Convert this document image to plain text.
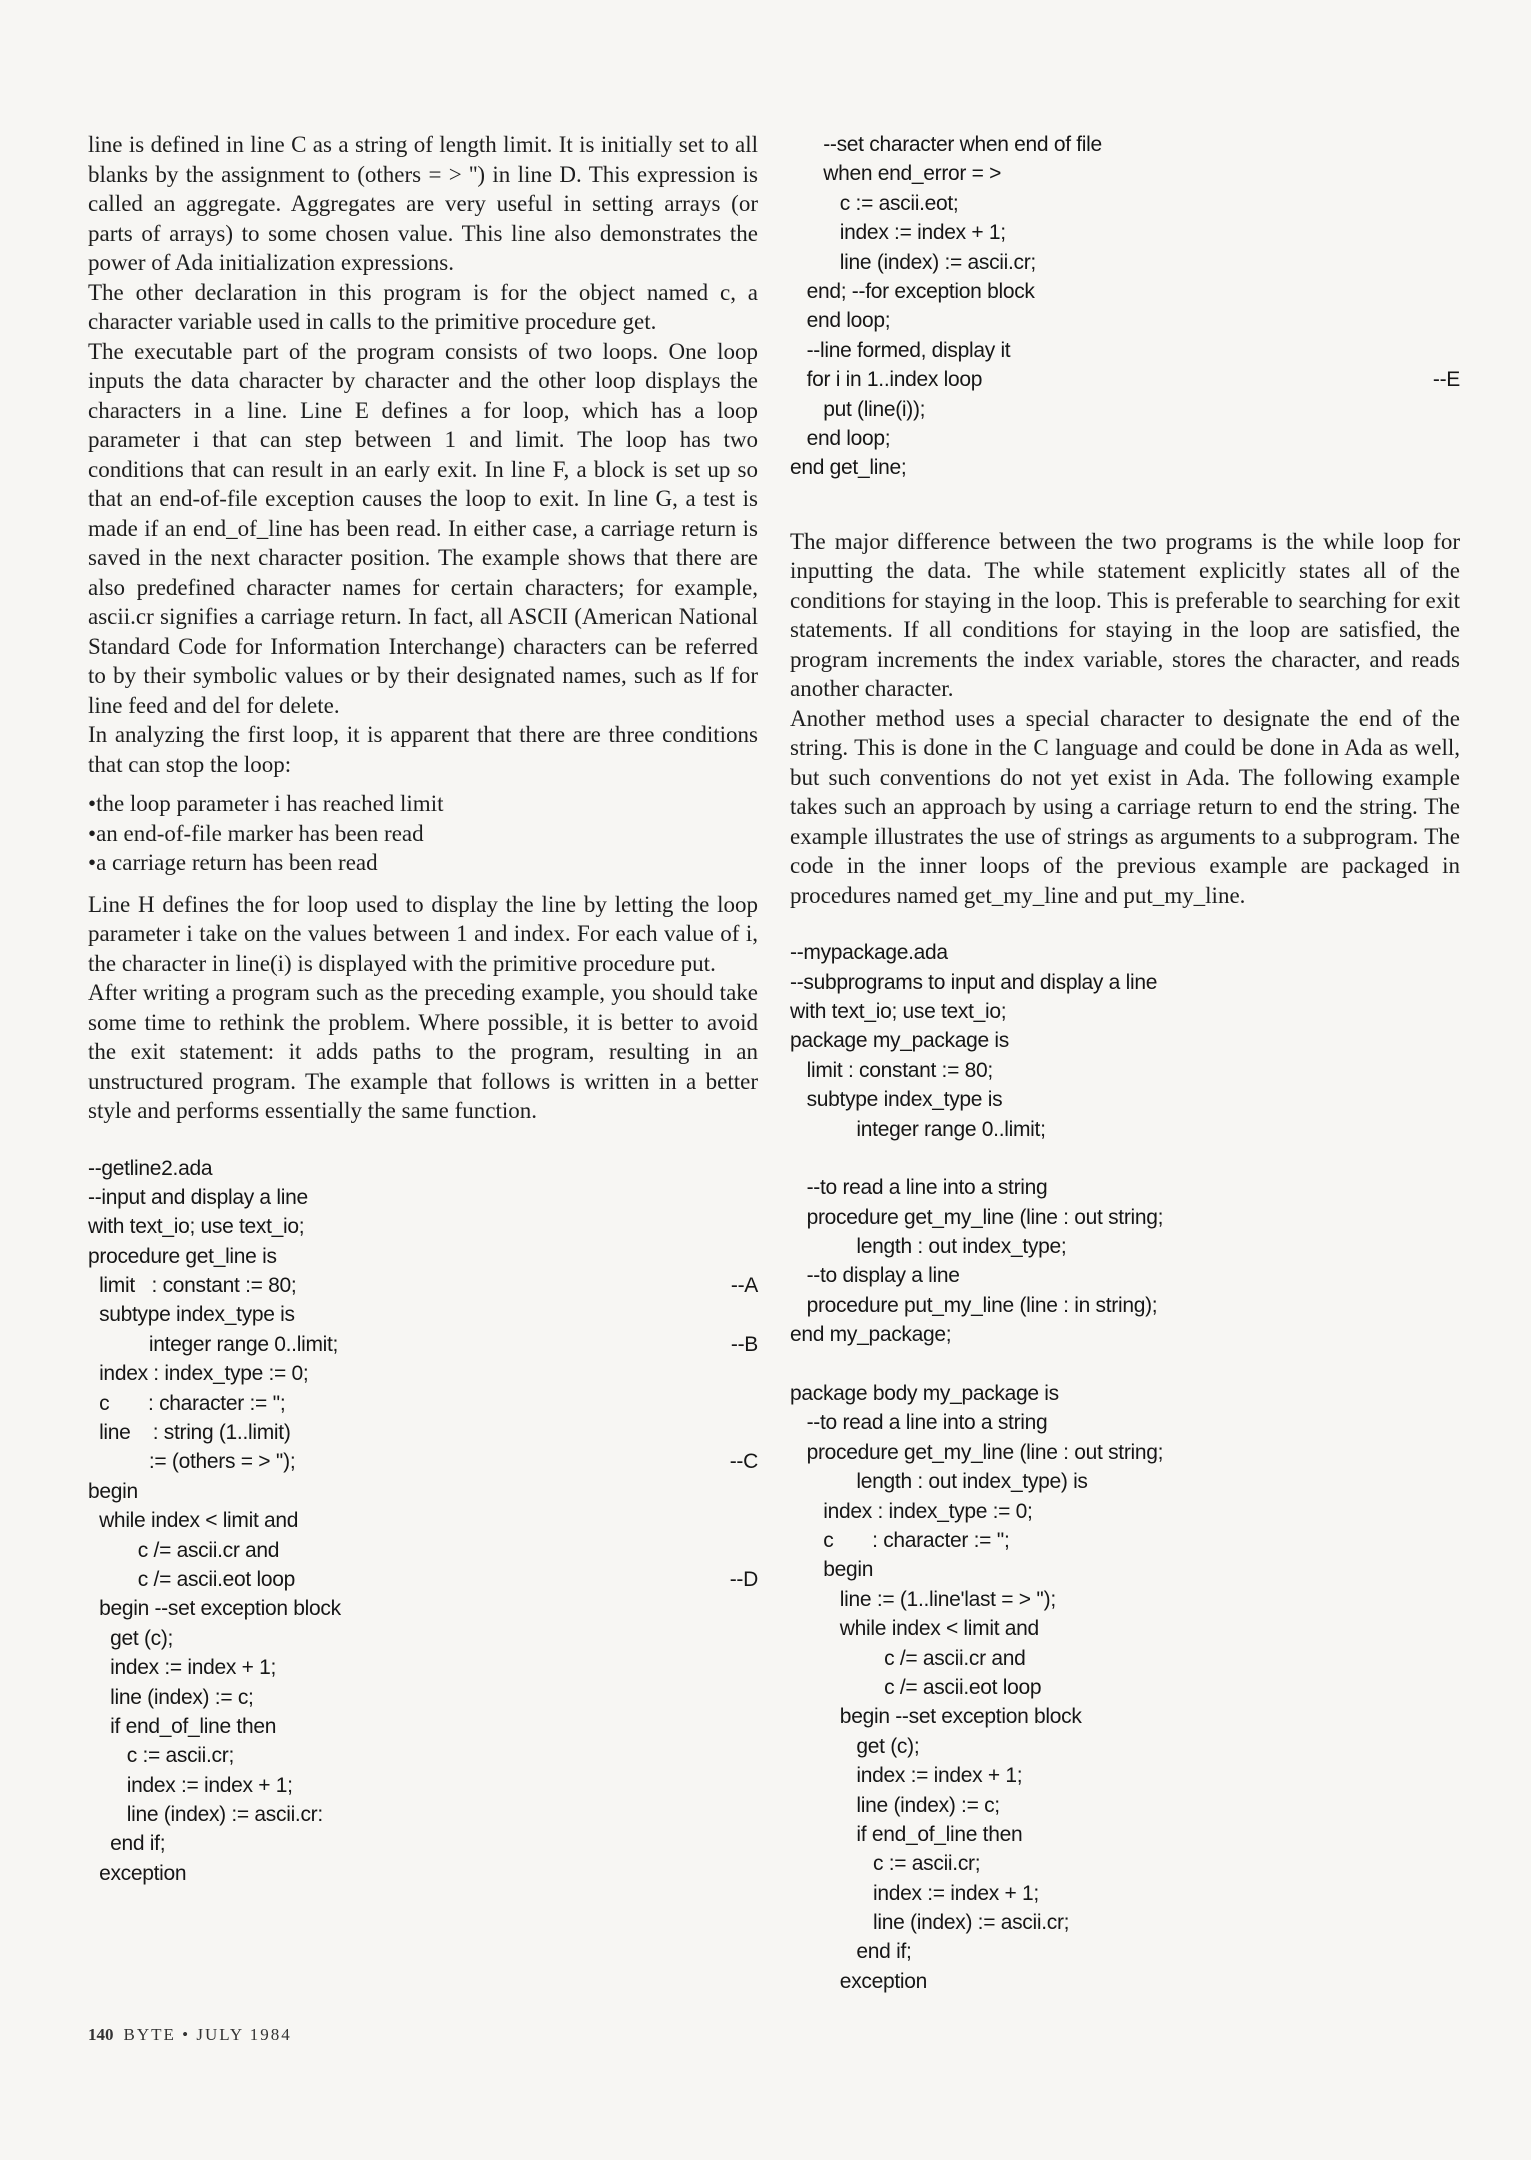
line is defined in line C as a string of length limit. It is initially set to all blanks by the assignment to (others = > '') in line D. This expression is called an aggregate. Aggregates are very useful in setting arrays (or parts of arrays) to some chosen value. This line also demonstrates the power of Ada initialization expressions.

The other declaration in this program is for the object named c, a character variable used in calls to the primitive procedure get.

The executable part of the program consists of two loops. One loop inputs the data character by character and the other loop displays the characters in a line. Line E defines a for loop, which has a loop parameter i that can step between 1 and limit. The loop has two conditions that can result in an early exit. In line F, a block is set up so that an end-of-file exception causes the loop to exit. In line G, a test is made if an end_of_line has been read. In either case, a carriage return is saved in the next character position. The example shows that there are also predefined character names for certain characters; for example, ascii.cr signifies a carriage return. In fact, all ASCII (American National Standard Code for Information Interchange) characters can be referred to by their symbolic values or by their designated names, such as lf for line feed and del for delete.

In analyzing the first loop, it is apparent that there are three conditions that can stop the loop:

• the loop parameter i has reached limit
• an end-of-file marker has been read
• a carriage return has been read

Line H defines the for loop used to display the line by letting the loop parameter i take on the values between 1 and index. For each value of i, the character in line(i) is displayed with the primitive procedure put.

After writing a program such as the preceding example, you should take some time to rethink the problem. Where possible, it is better to avoid the exit statement: it adds paths to the program, resulting in an unstructured program. The example that follows is written in a better style and performs essentially the same function.

--getline2.ada
--input and display a line
with text_io; use text_io;
procedure get_line is
limit   : constant := 80;	--A
subtype index_type is
integer range 0..limit;	--B
index : index_type := 0;
c       : character := '';
line    : string (1..limit)
:= (others = > '');	--C
begin
while index < limit and
c /= ascii.cr and
c /= ascii.eot loop	--D
begin --set exception block
get (c);
index := index + 1;
line (index) := c;
if end_of_line then
c := ascii.cr;
index := index + 1;
line (index) := ascii.cr:
end if;
exception
--set character when end of file
when end_error = >
c := ascii.eot;
index := index + 1;
line (index) := ascii.cr;
end; --for exception block
end loop;
--line formed, display it
for i in 1..index loop	--E
put (line(i));
end loop;
end get_line;

The major difference between the two programs is the while loop for inputting the data. The while statement explicitly states all of the conditions for staying in the loop. This is preferable to searching for exit statements. If all conditions for staying in the loop are satisfied, the program increments the index variable, stores the character, and reads another character.

Another method uses a special character to designate the end of the string. This is done in the C language and could be done in Ada as well, but such conventions do not yet exist in Ada. The following example takes such an approach by using a carriage return to end the string. The example illustrates the use of strings as arguments to a subprogram. The code in the inner loops of the previous example are packaged in procedures named get_my_line and put_my_line.

--mypackage.ada
--subprograms to input and display a line
with text_io; use text_io;
package my_package is
limit : constant := 80;
subtype index_type is
integer range 0..limit;
--to read a line into a string
procedure get_my_line (line : out string;
length : out index_type;
--to display a line
procedure put_my_line (line : in string);
end my_package;
package body my_package is
--to read a line into a string
procedure get_my_line (line : out string;
length : out index_type) is
index : index_type := 0;
c       : character := '';
begin
line := (1..line'last = > '');
while index < limit and
c /= ascii.cr and
c /= ascii.eot loop
begin --set exception block
get (c);
index := index + 1;
line (index) := c;
if end_of_line then
c := ascii.cr;
index := index + 1;
line (index) := ascii.cr;
end if;
exception
140 BYTE • JULY 1984
